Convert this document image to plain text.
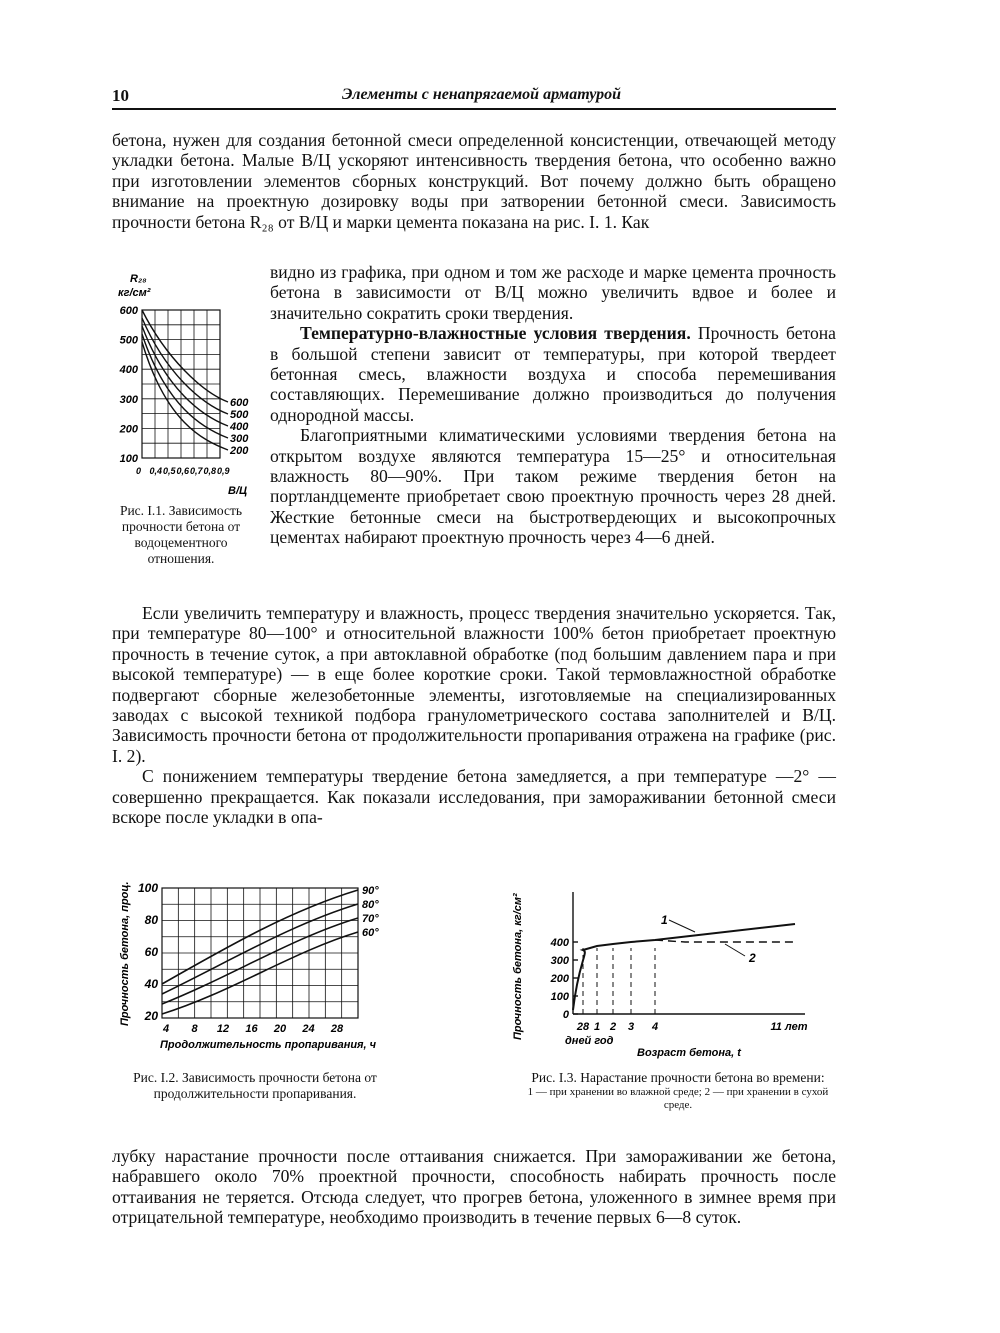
10	Элементы с ненапрягаемой арматурой

бетона, нужен для создания бетонной смеси определенной консистенции, отвечающей методу укладки бетона. Малые В/Ц ускоряют интенсивность твердения бетона, что особенно важно при изготовлении элементов сборных конструкций. Вот почему должно быть обращено внимание на проектную дозировку воды при затворении бетонной смеси. Зависимость прочности бетона R₂₈ от В/Ц и марки цемента показана на рис. I. 1. Как

R₂₈
кг/см²
600
500
400
300
200
100
600
500
400
300
200
0 0,4 0,5 0,6 0,7 0,8 0,9
В/Ц
Рис. I.1. Зависимость прочности бетона от водоцементного отношения.

видно из графика, при одном и том же расходе и марке цемента прочность бетона в зависимости от В/Ц можно увеличить вдвое и более и значительно сократить сроки твердения.

Температурно-влажностные условия твердения. Прочность бетона в большой степени зависит от температуры, при которой твердеет бетонная смесь, влажности воздуха и способа перемешивания составляющих. Перемешивание должно производиться до получения однородной массы.

Благоприятными климатическими условиями твердения бетона на открытом воздухе являются температура 15—25° и относительная влажность 80—90%. При таком режиме твердения бетон на портландцементе приобретает свою проектную прочность через 28 дней. Жесткие бетонные смеси на быстротвердеющих и высокопрочных цементах набирают проектную прочность через 4—6 дней.

Если увеличить температуру и влажность, процесс твердения значительно ускоряется. Так, при температуре 80—100° и относительной влажности 100% бетон приобретает проектную прочность в течение суток, а при автоклавной обработке (под большим давлением пара и при высокой температуре) — в еще более короткие сроки. Такой термовлажностной обработке подвергают сборные железобетонные элементы, изготовляемые на специализированных заводах с высокой техникой подбора гранулометрического состава заполнителей и В/Ц. Зависимость прочности бетона от продолжительности пропаривания отражена на графике (рис. I. 2).

С понижением температуры твердение бетона замедляется, а при температуре —2° — совершенно прекращается. Как показали исследования, при замораживании бетонной смеси вскоре после укладки в опа-

Прочность бетона, проц. 100
80
60
40
20
90°
80°
70°
60°
4 8 12 16 20 24 28
Продолжительность пропаривания, ч
Рис. I.2. Зависимость прочности бетона от продолжительности пропаривания.
Прочность бетона, кг/см² 400
300
200
100
0
1
2
28 1 2 3 4	11 лет
дней год
Возраст бетона, t
Рис. I.3. Нарастание прочности бетона во времени:
1 — при хранении во влажной среде; 2 — при хранении в сухой среде.

лубку нарастание прочности после оттаивания снижается. При замораживании же бетона, набравшего около 70% проектной прочности, способность набирать прочность после оттаивания не теряется. Отсюда следует, что прогрев бетона, уложенного в зимнее время при отрицательной температуре, необходимо производить в течение первых 6—8 суток.
